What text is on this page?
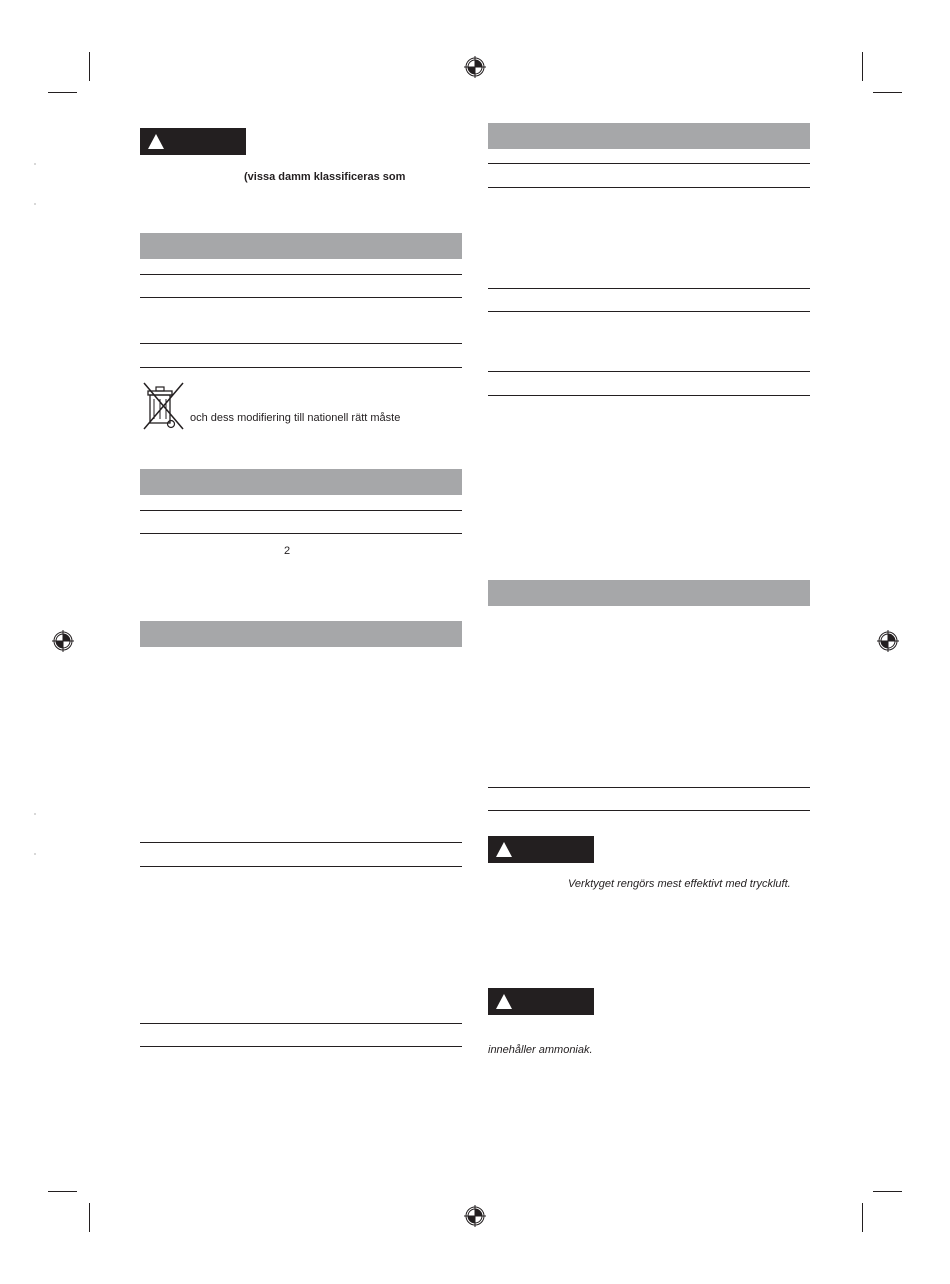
(vissa damm klassificeras som
och dess modifiering till nationell rätt måste
2
Verktyget rengörs mest effektivt med tryckluft.
innehåller ammoniak.
